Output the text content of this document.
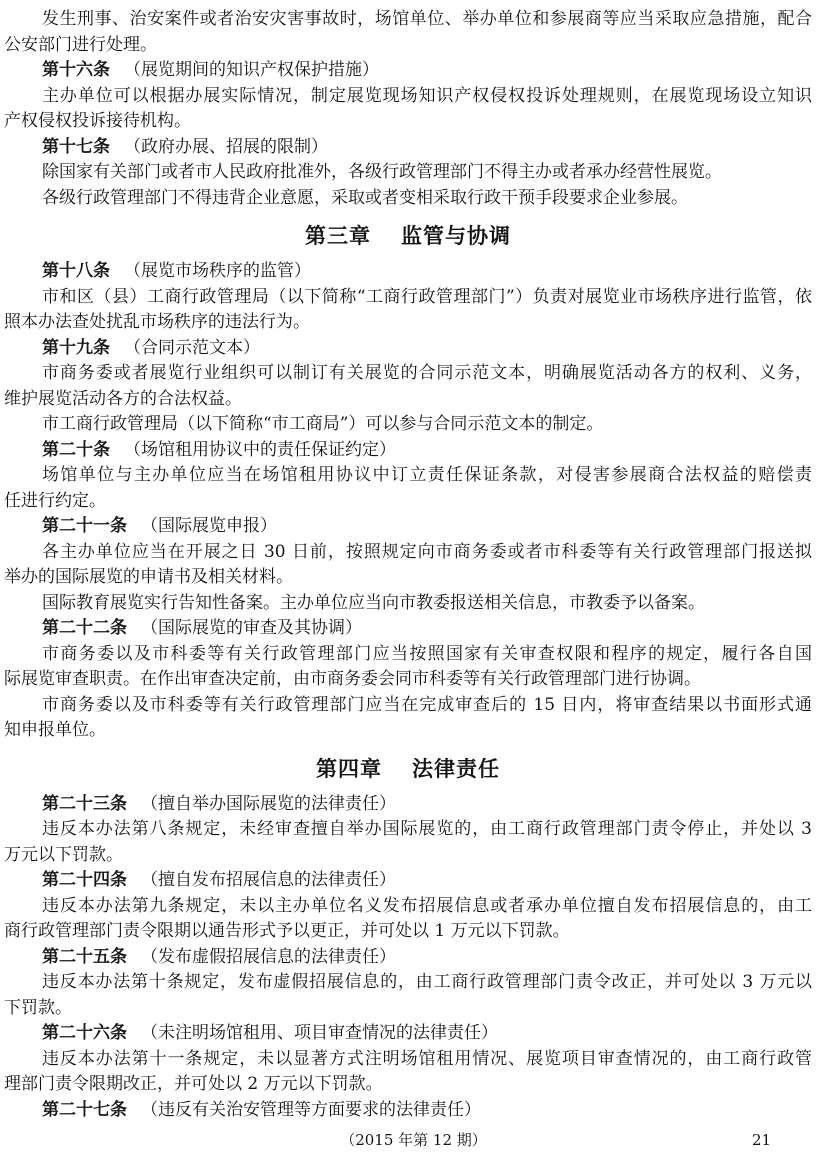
发生刑事、治安案件或者治安灾害事故时，场馆单位、举办单位和参展商等应当采取应急措施，配合
公安部门进行处理。
第十六条 （展览期间的知识产权保护措施）
主办单位可以根据办展实际情况，制定展览现场知识产权侵权投诉处理规则，在展览现场设立知识
产权侵权投诉接待机构。
第十七条 （政府办展、招展的限制）
除国家有关部门或者市人民政府批准外，各级行政管理部门不得主办或者承办经营性展览。
各级行政管理部门不得违背企业意愿，采取或者变相采取行政干预手段要求企业参展。
第三章 监管与协调
第十八条 （展览市场秩序的监管）
市和区（县）工商行政管理局（以下简称“工商行政管理部门”）负责对展览业市场秩序进行监管，依
照本办法查处扰乱市场秩序的违法行为。
第十九条 （合同示范文本）
市商务委或者展览行业组织可以制订有关展览的合同示范文本，明确展览活动各方的权利、义务，
维护展览活动各方的合法权益。
市工商行政管理局（以下简称“市工商局”）可以参与合同示范文本的制定。
第二十条 （场馆租用协议中的责任保证约定）
场馆单位与主办单位应当在场馆租用协议中订立责任保证条款，对侵害参展商合法权益的赔偿责
任进行约定。
第二十一条 （国际展览申报）
各主办单位应当在开展之日 30 日前，按照规定向市商务委或者市科委等有关行政管理部门报送拟
举办的国际展览的申请书及相关材料。
国际教育展览实行告知性备案。主办单位应当向市教委报送相关信息，市教委予以备案。
第二十二条 （国际展览的审查及其协调）
市商务委以及市科委等有关行政管理部门应当按照国家有关审查权限和程序的规定，履行各自国
际展览审查职责。在作出审查决定前，由市商务委会同市科委等有关行政管理部门进行协调。
市商务委以及市科委等有关行政管理部门应当在完成审查后的 15 日内，将审查结果以书面形式通
知申报单位。
第四章 法律责任
第二十三条 （擅自举办国际展览的法律责任）
违反本办法第八条规定，未经审查擅自举办国际展览的，由工商行政管理部门责令停止，并处以 3
万元以下罚款。
第二十四条 （擅自发布招展信息的法律责任）
违反本办法第九条规定，未以主办单位名义发布招展信息或者承办单位擅自发布招展信息的，由工
商行政管理部门责令限期以通告形式予以更正，并可处以 1 万元以下罚款。
第二十五条 （发布虚假招展信息的法律责任）
违反本办法第十条规定，发布虚假招展信息的，由工商行政管理部门责令改正，并可处以 3 万元以
下罚款。
第二十六条 （未注明场馆租用、项目审查情况的法律责任）
违反本办法第十一条规定，未以显著方式注明场馆租用情况、展览项目审查情况的，由工商行政管
理部门责令限期改正，并可处以 2 万元以下罚款。
第二十七条 （违反有关治安管理等方面要求的法律责任）
（2015 年第 12 期）	21
